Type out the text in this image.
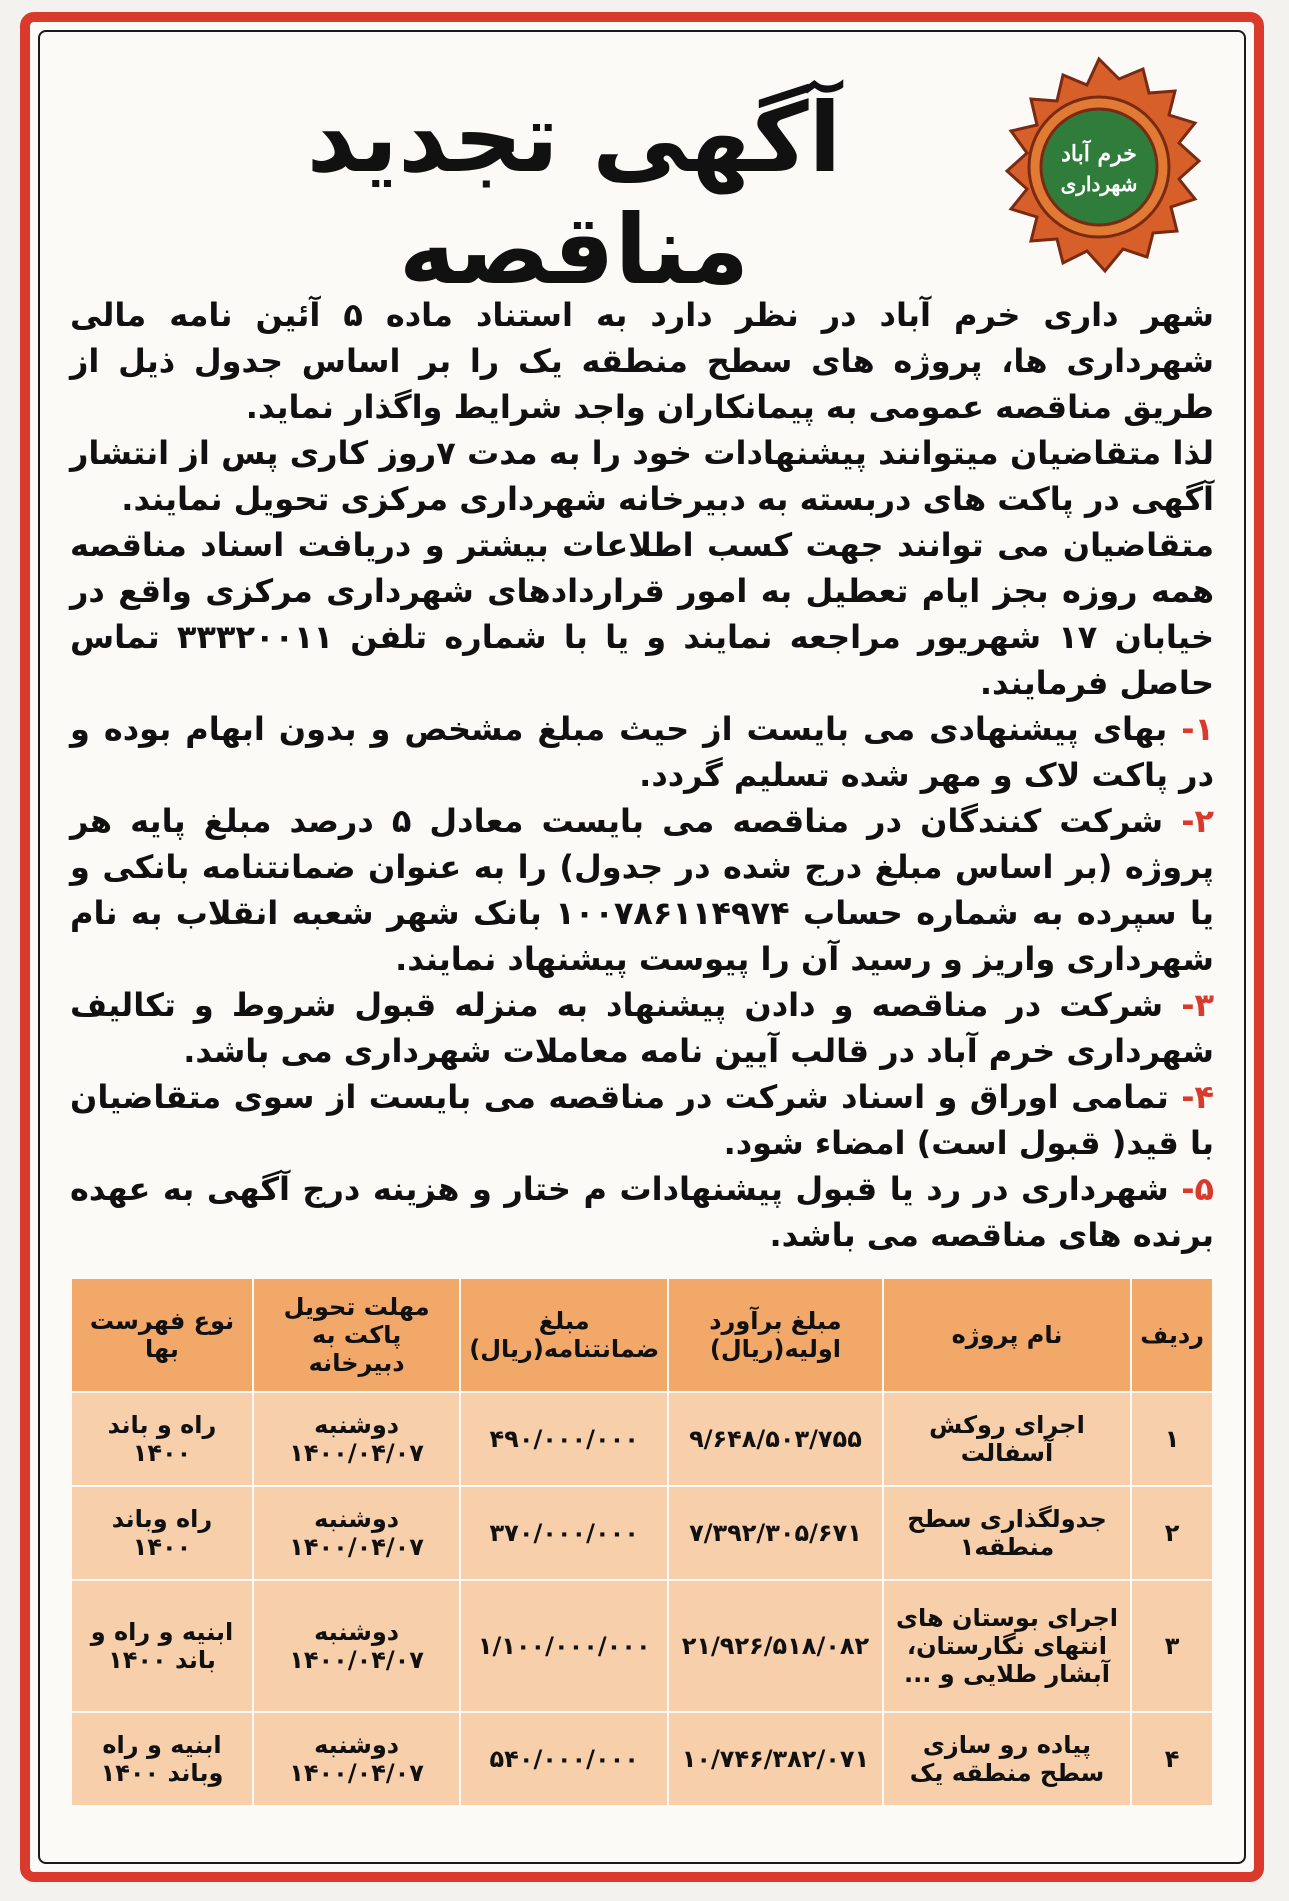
خرم آباد
شهرداری
آگهی تجدید مناقصه

شهر داری خرم آباد در نظر دارد به استناد ماده ۵ آئین نامه مالی شهرداری ها، پروژه های سطح منطقه یک را بر اساس جدول ذیل از طریق مناقصه عمومی به پیمانکاران واجد شرایط واگذار نماید.

لذا متقاضیان میتوانند پیشنهادات خود را به مدت ۷روز کاری پس از انتشار آگهی در پاکت های دربسته به دبیرخانه شهرداری مرکزی تحویل نمایند.

متقاضیان می توانند جهت کسب اطلاعات بیشتر و دریافت اسناد مناقصه همه روزه بجز ایام تعطیل به امور قراردادهای شهرداری مرکزی واقع در خیابان ۱۷ شهریور مراجعه نمایند و یا با شماره تلفن ۳۳۳۲۰۰۱۱ تماس حاصل فرمایند.

۱- بهای پیشنهادی می بایست از حیث مبلغ مشخص و بدون ابهام بوده و در پاکت لاک و مهر شده تسلیم گردد.

۲- شرکت کنندگان در مناقصه می بایست معادل ۵ درصد مبلغ پایه هر پروژه (بر اساس مبلغ درج شده در جدول) را به عنوان ضمانتنامه بانکی و یا سپرده به شماره حساب ۱۰۰۷۸۶۱۱۴۹۷۴ بانک شهر شعبه انقلاب به نام شهرداری واریز و رسید آن را پیوست پیشنهاد نمایند.

۳- شرکت در مناقصه و دادن پیشنهاد به منزله قبول شروط و تکالیف شهرداری خرم آباد در قالب آیین نامه معاملات شهرداری می باشد.

۴- تمامی اوراق و اسناد شرکت در مناقصه می بایست از سوی متقاضیان با قید( قبول است) امضاء شود.

۵- شهرداری در رد یا قبول پیشنهادات م ختار و هزینه درج آگهی به عهده برنده های مناقصه می باشد.

ردیف	نام پروژه	مبلغ برآورد اولیه(ریال)	مبلغ ضمانتنامه(ریال)	مهلت تحویل پاکت به دبیرخانه	نوع فهرست بها
۱	اجرای روکش آسفالت	۹/۶۴۸/۵۰۳/۷۵۵	۴۹۰/۰۰۰/۰۰۰	دوشنبه ۱۴۰۰/۰۴/۰۷	راه و باند ۱۴۰۰
۲	جدولگذاری سطح منطقه۱	۷/۳۹۲/۳۰۵/۶۷۱	۳۷۰/۰۰۰/۰۰۰	دوشنبه ۱۴۰۰/۰۴/۰۷	راه وباند ۱۴۰۰
۳	اجرای بوستان های انتهای نگارستان، آبشار طلایی و ...	۲۱/۹۲۶/۵۱۸/۰۸۲	۱/۱۰۰/۰۰۰/۰۰۰	دوشنبه ۱۴۰۰/۰۴/۰۷	ابنیه و راه و باند ۱۴۰۰
۴	پیاده رو سازی سطح منطقه یک	۱۰/۷۴۶/۳۸۲/۰۷۱	۵۴۰/۰۰۰/۰۰۰	دوشنبه ۱۴۰۰/۰۴/۰۷	ابنیه و راه وباند ۱۴۰۰
